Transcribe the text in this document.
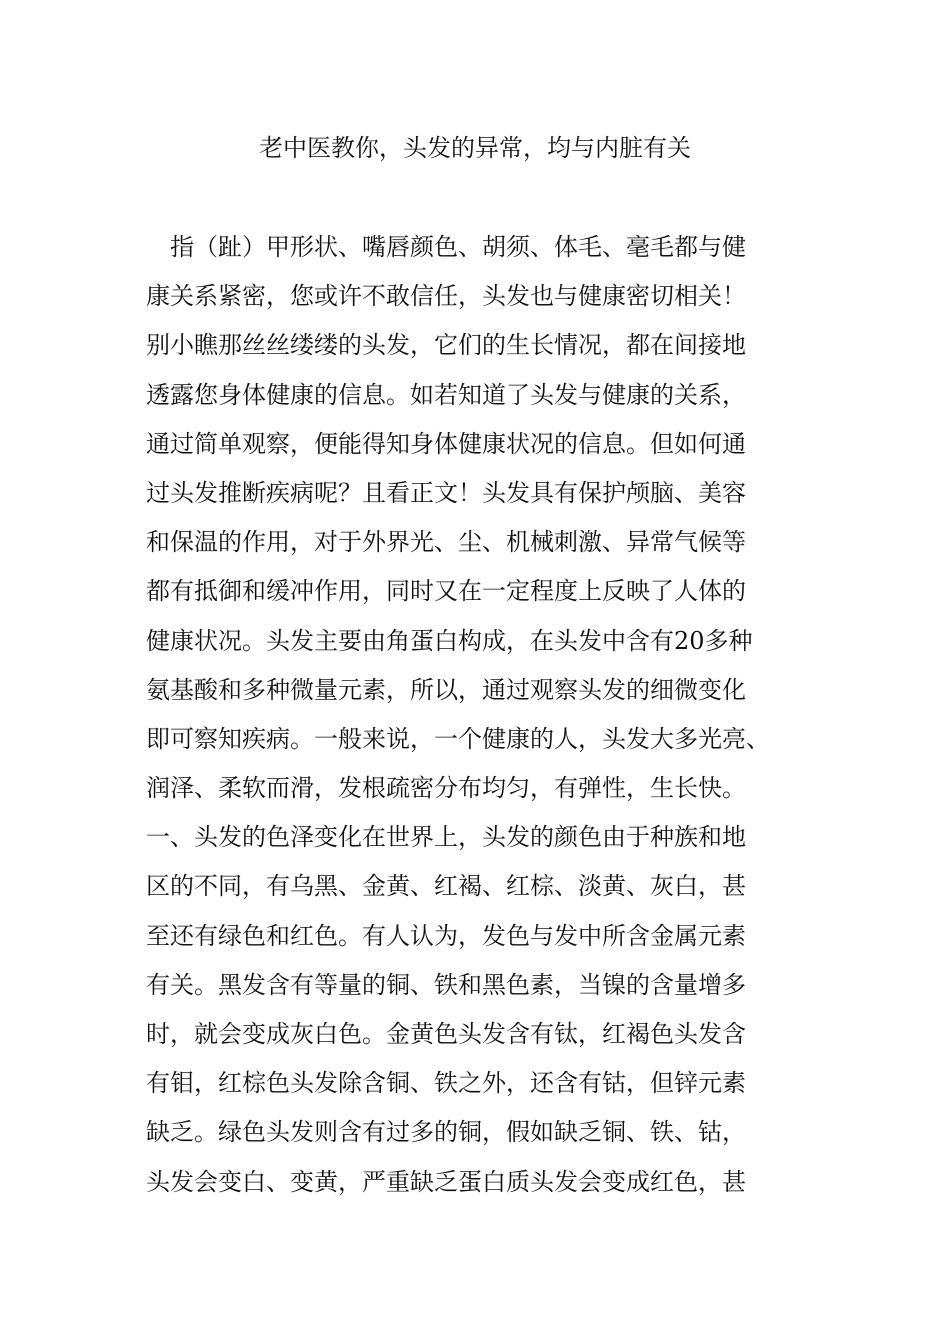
老中医教你，头发的异常，均与内脏有关
　指（趾）甲形状、嘴唇颜色、胡须、体毛、毫毛都与健
康关系紧密，您或许不敢信任，头发也与健康密切相关！
别小瞧那丝丝缕缕的头发，它们的生长情况，都在间接地
透露您身体健康的信息。如若知道了头发与健康的关系，
通过简单观察，便能得知身体健康状况的信息。但如何通
过头发推断疾病呢？且看正文！头发具有保护颅脑、美容
和保温的作用，对于外界光、尘、机械刺激、异常气候等
都有抵御和缓冲作用，同时又在一定程度上反映了人体的
健康状况。头发主要由角蛋白构成，在头发中含有20多种
氨基酸和多种微量元素，所以，通过观察头发的细微变化
即可察知疾病。一般来说，一个健康的人，头发大多光亮、
润泽、柔软而滑，发根疏密分布均匀，有弹性，生长快。
一、头发的色泽变化在世界上，头发的颜色由于种族和地
区的不同，有乌黑、金黄、红褐、红棕、淡黄、灰白，甚
至还有绿色和红色。有人认为，发色与发中所含金属元素
有关。黑发含有等量的铜、铁和黑色素，当镍的含量增多
时，就会变成灰白色。金黄色头发含有钛，红褐色头发含
有钼，红棕色头发除含铜、铁之外，还含有钴，但锌元素
缺乏。绿色头发则含有过多的铜，假如缺乏铜、铁、钴，
头发会变白、变黄，严重缺乏蛋白质头发会变成红色，甚
